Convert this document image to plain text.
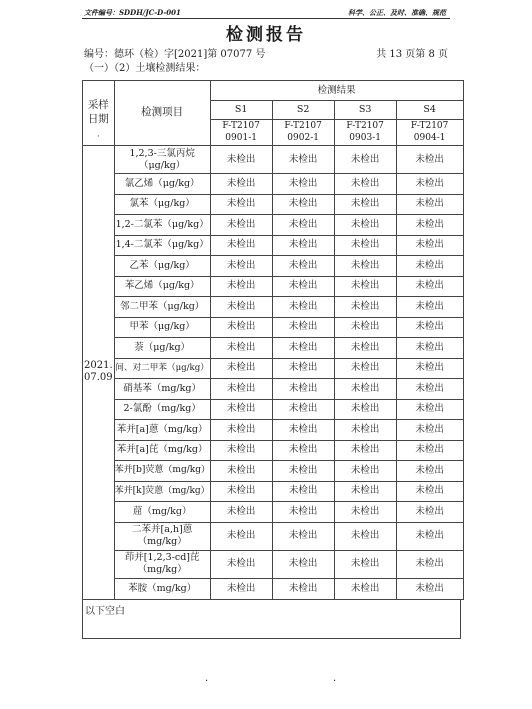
文件编号：SDDH/JC-D-001	科学、公正、及时、准确、规范
检测报告
编号：德环（检）字[2021]第 07077 号	共 13 页第 8 页
（一）（2）土壤检测结果：
采样日期
·	检测项目	检测结果			
		S1	S2	S3	S4
		F-T2107 0901-1	F-T2107 0902-1	F-T2107 0903-1	F-T2107 0904-1
2021. 07.09	1,2,3-三氯丙烷（μg/kg）	未检出	未检出	未检出	未检出
	氯乙烯（μg/kg）	未检出	未检出	未检出	未检出
	氯苯（μg/kg）	未检出	未检出	未检出	未检出
	1,2-二氯苯（μg/kg）	未检出	未检出	未检出	未检出
	1,4-二氯苯（μg/kg）	未检出	未检出	未检出	未检出
	乙苯（μg/kg）	未检出	未检出	未检出	未检出
	苯乙烯（μg/kg）	未检出	未检出	未检出	未检出
	邻二甲苯（μg/kg）	未检出	未检出	未检出	未检出
	甲苯（μg/kg）	未检出	未检出	未检出	未检出
	萘（μg/kg）	未检出	未检出	未检出	未检出
	间、对二甲苯（μg/kg）	未检出	未检出	未检出	未检出
	硝基苯（mg/kg）	未检出	未检出	未检出	未检出
	2-氯酚（mg/kg）	未检出	未检出	未检出	未检出
	苯并[a]蒽（mg/kg）	未检出	未检出	未检出	未检出
	苯并[a]芘（mg/kg）	未检出	未检出	未检出	未检出
	苯并[b]荧蒽（mg/kg）	未检出	未检出	未检出	未检出
	苯并[k]荧蒽（mg/kg）	未检出	未检出	未检出	未检出
	䓛（mg/kg）	未检出	未检出	未检出	未检出
	二苯并[a,h]蒽（mg/kg）	未检出	未检出	未检出	未检出
	茚并[1,2,3-cd]芘（mg/kg）	未检出	未检出	未检出	未检出
	苯胺（mg/kg）	未检出	未检出	未检出	未检出
以下空白
·	·
